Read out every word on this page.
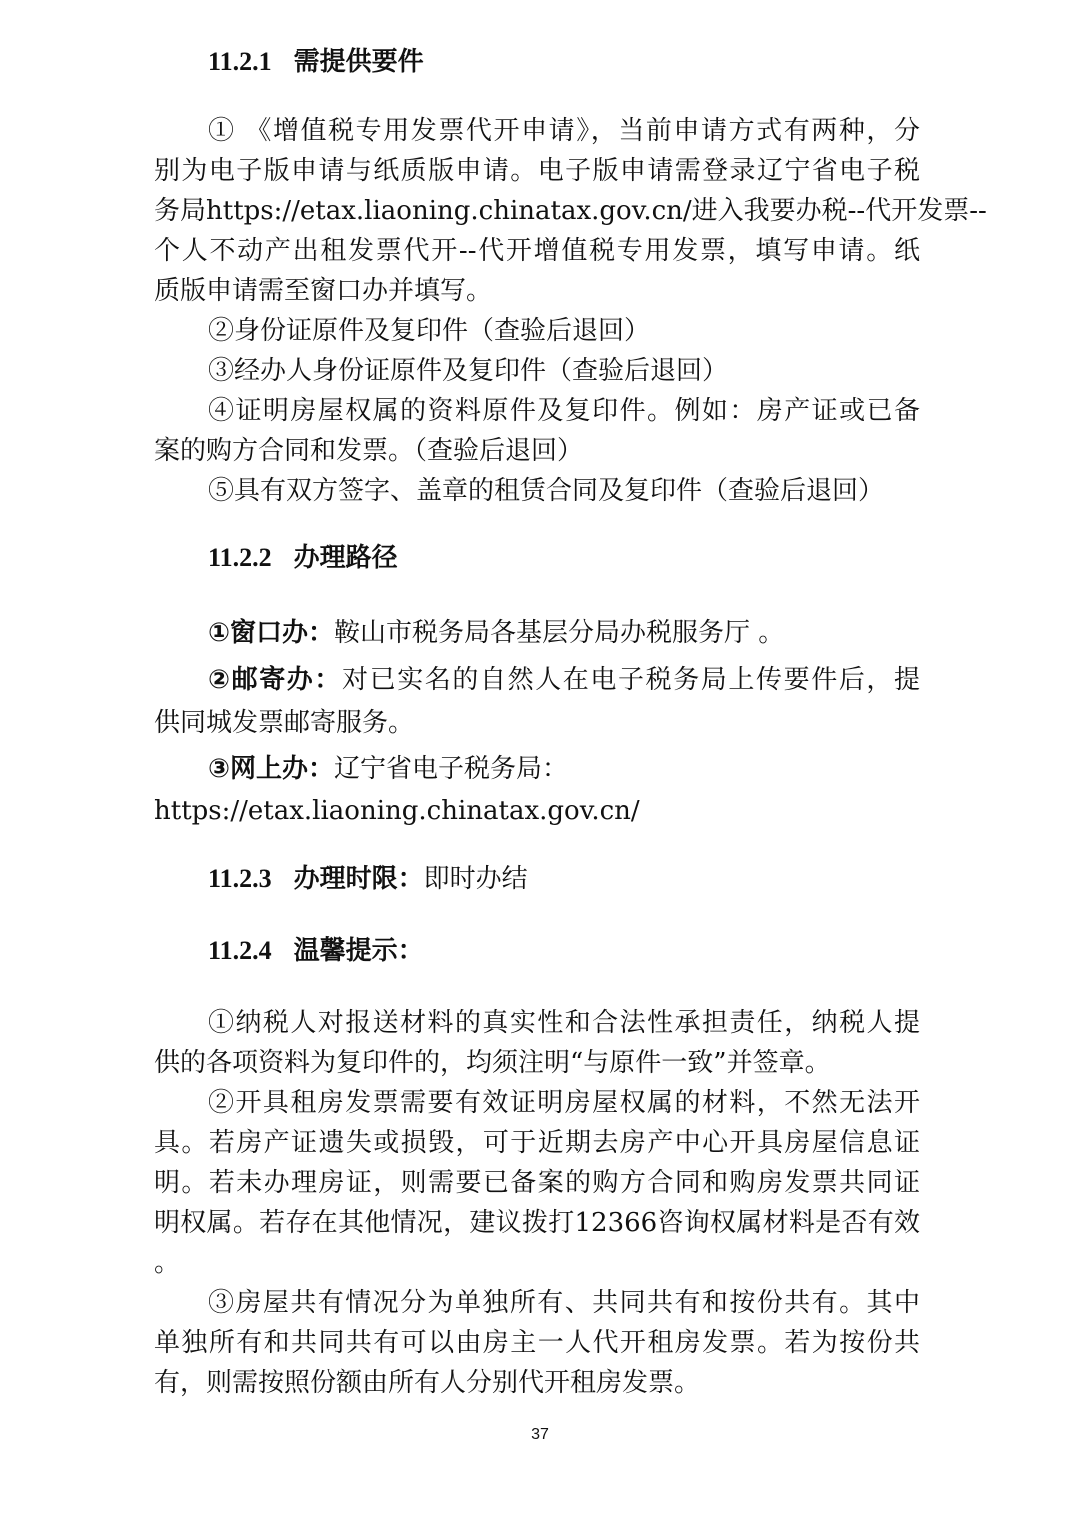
11.2.1 需提供要件
① 《增值税专用发票代开申请》，当前申请方式有两种，分
别为电子版申请与纸质版申请。电子版申请需登录辽宁省电子税
务局https://etax.liaoning.chinatax.gov.cn/进入我要办税--代开发票--
个人不动产出租发票代开--代开增值税专用发票，填写申请。纸
质版申请需至窗口办并填写。
②身份证原件及复印件（查验后退回）
③经办人身份证原件及复印件（查验后退回）
④证明房屋权属的资料原件及复印件。例如：房产证或已备
案的购方合同和发票。（查验后退回）
⑤具有双方签字、盖章的租赁合同及复印件（查验后退回）
11.2.2 办理路径
①窗口办：鞍山市税务局各基层分局办税服务厅 。
②邮寄办：对已实名的自然人在电子税务局上传要件后，提
供同城发票邮寄服务。
③网上办：辽宁省电子税务局：
https://etax.liaoning.chinatax.gov.cn/
11.2.3 办理时限：即时办结
11.2.4 温馨提示：
①纳税人对报送材料的真实性和合法性承担责任，纳税人提
供的各项资料为复印件的，均须注明“与原件一致”并签章。
②开具租房发票需要有效证明房屋权属的材料，不然无法开
具。若房产证遗失或损毁，可于近期去房产中心开具房屋信息证
明。若未办理房证，则需要已备案的购方合同和购房发票共同证
明权属。若存在其他情况，建议拨打12366咨询权属材料是否有效
。
③房屋共有情况分为单独所有、共同共有和按份共有。其中
单独所有和共同共有可以由房主一人代开租房发票。若为按份共
有，则需按照份额由所有人分别代开租房发票。
37
